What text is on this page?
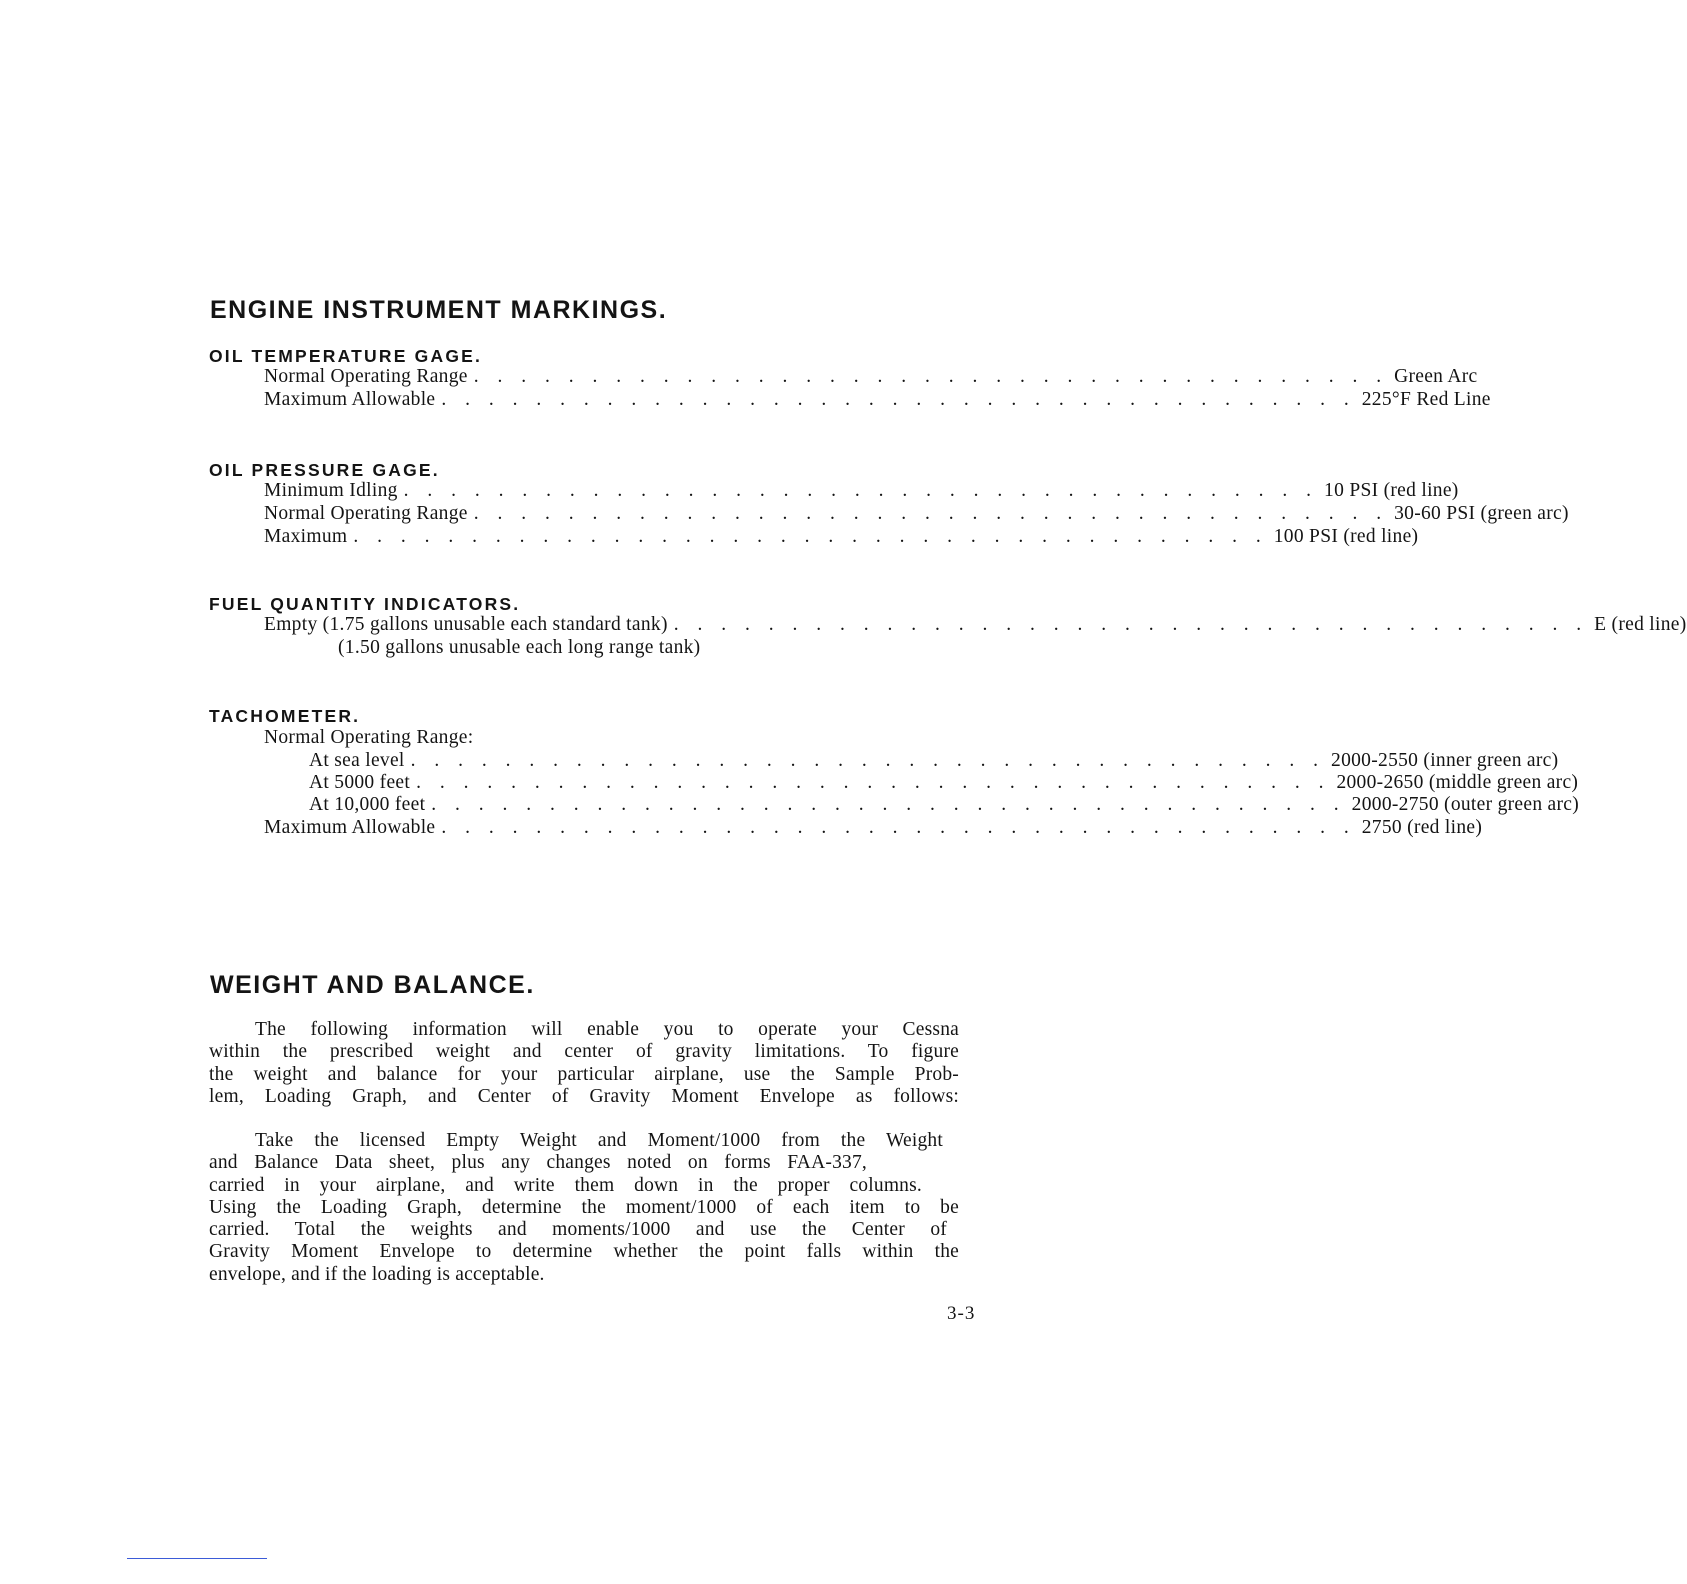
ENGINE INSTRUMENT MARKINGS.
OIL TEMPERATURE GAGE.
Normal Operating Range . . . . . . . . . . . . . . . . . . . . . . . . . . . . . . . . . . . . . . . Green Arc
Maximum Allowable . . . . . . . . . . . . . . . . . . . . . . . . . . . . . . . . . . . . . . . 225°F Red Line
OIL PRESSURE GAGE.
Minimum Idling . . . . . . . . . . . . . . . . . . . . . . . . . . . . . . . . . . . . . . . 10 PSI (red line)
Normal Operating Range . . . . . . . . . . . . . . . . . . . . . . . . . . . . . . . . . . . . . . . 30-60 PSI (green arc)
Maximum . . . . . . . . . . . . . . . . . . . . . . . . . . . . . . . . . . . . . . . 100 PSI (red line)
FUEL QUANTITY INDICATORS.
Empty (1.75 gallons unusable each standard tank) . . . . . . . . . . . . . . . . . . . . . . . . . . . . . . . . . . . . . . . E (red line)
(1.50 gallons unusable each long range tank)
TACHOMETER.
Normal Operating Range:
At sea level . . . . . . . . . . . . . . . . . . . . . . . . . . . . . . . . . . . . . . . 2000-2550 (inner green arc)
At 5000 feet . . . . . . . . . . . . . . . . . . . . . . . . . . . . . . . . . . . . . . . 2000-2650 (middle green arc)
At 10,000 feet . . . . . . . . . . . . . . . . . . . . . . . . . . . . . . . . . . . . . . . 2000-2750 (outer green arc)
Maximum Allowable . . . . . . . . . . . . . . . . . . . . . . . . . . . . . . . . . . . . . . . 2750 (red line)
WEIGHT AND BALANCE.
The following information will enable you to operate your Cessna
within the prescribed weight and center of gravity limitations. To figure
the weight and balance for your particular airplane, use the Sample Prob-
lem, Loading Graph, and Center of Gravity Moment Envelope as follows:
Take the licensed Empty Weight and Moment/1000 from the Weight
and Balance Data sheet, plus any changes noted on forms FAA-337,
carried in your airplane, and write them down in the proper columns.
Using the Loading Graph, determine the moment/1000 of each item to be
carried. Total the weights and moments/1000 and use the Center of
Gravity Moment Envelope to determine whether the point falls within the
envelope, and if the loading is acceptable.
3-3
